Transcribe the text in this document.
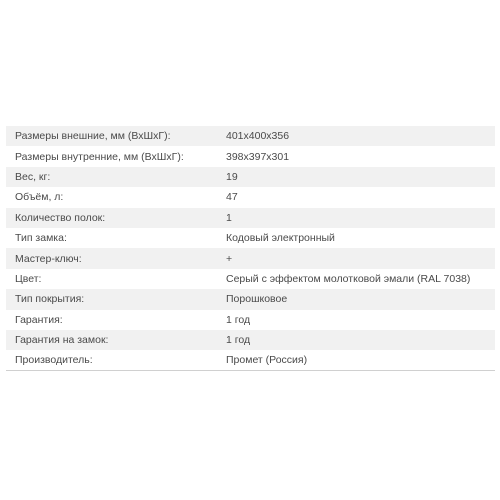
Размеры внешние, мм (ВхШхГ):	401x400x356
Размеры внутренние, мм (ВхШхГ):	398x397x301
Вес, кг:	19
Объём, л:	47
Количество полок:	1
Тип замка:	Кодовый электронный
Мастер-ключ:	+
Цвет:	Серый с эффектом молотковой эмали (RAL 7038)
Тип покрытия:	Порошковое
Гарантия:	1 год
Гарантия на замок:	1 год
Производитель:	Промет (Россия)
